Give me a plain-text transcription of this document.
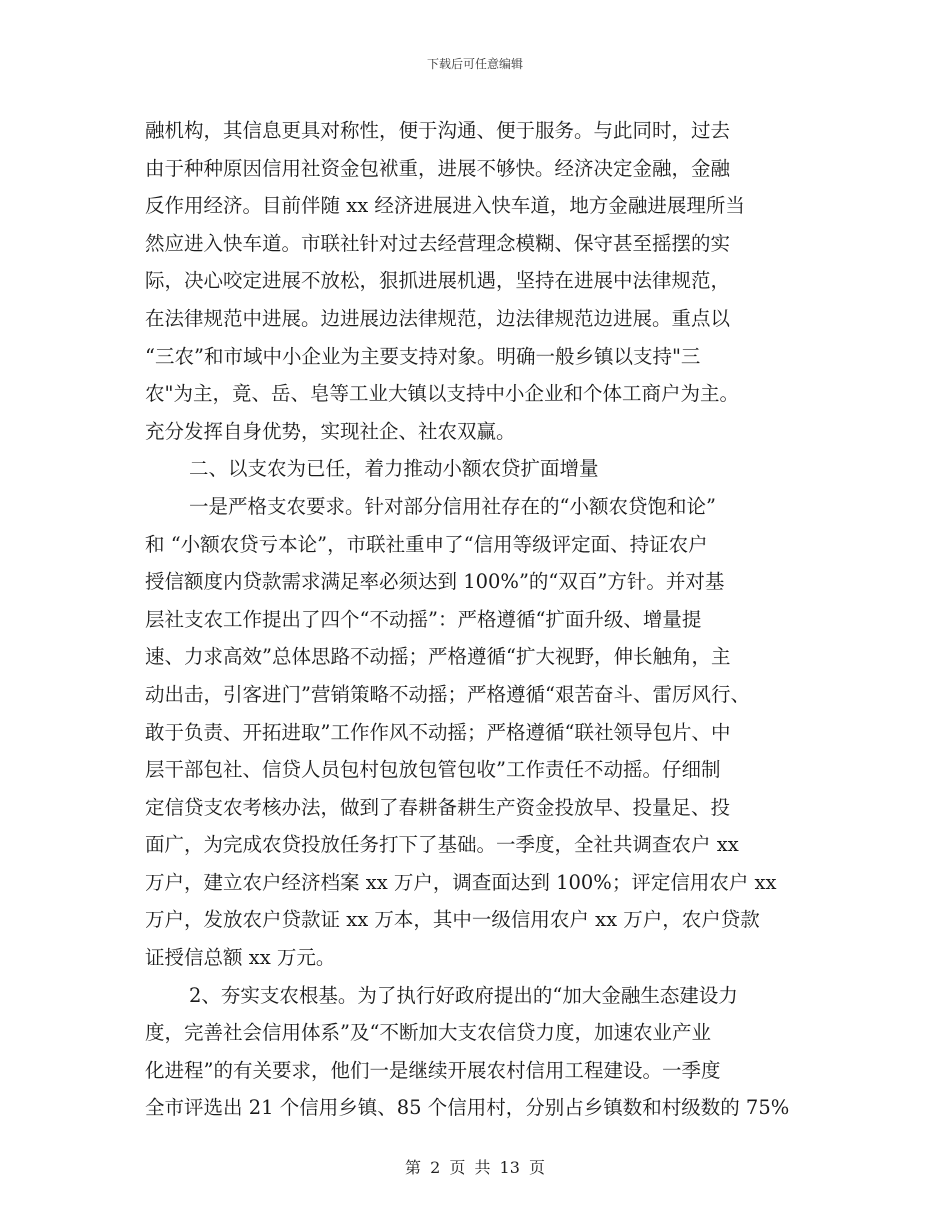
下载后可任意编辑
融机构，其信息更具对称性，便于沟通、便于服务。与此同时，过去
由于种种原因信用社资金包袱重，进展不够快。经济决定金融，金融
反作用经济。目前伴随 xx 经济进展进入快车道，地方金融进展理所当
然应进入快车道。市联社针对过去经营理念模糊、保守甚至摇摆的实
际，决心咬定进展不放松，狠抓进展机遇，坚持在进展中法律规范，
在法律规范中进展。边进展边法律规范，边法律规范边进展。重点以
“三农”和市域中小企业为主要支持对象。明确一般乡镇以支持"三
农"为主，竟、岳、皂等工业大镇以支持中小企业和个体工商户为主。
充分发挥自身优势，实现社企、社农双赢。
二、以支农为已任，着力推动小额农贷扩面增量
一是严格支农要求。针对部分信用社存在的“小额农贷饱和论”
和 “小额农贷亏本论”，市联社重申了“信用等级评定面、持证农户
授信额度内贷款需求满足率必须达到 100%”的“双百”方针。并对基
层社支农工作提出了四个“不动摇”：严格遵循“扩面升级、增量提
速、力求高效”总体思路不动摇；严格遵循“扩大视野，伸长触角，主
动出击，引客进门”营销策略不动摇；严格遵循“艰苦奋斗、雷厉风行、
敢于负责、开拓进取”工作作风不动摇；严格遵循“联社领导包片、中
层干部包社、信贷人员包村包放包管包收”工作责任不动摇。仔细制
定信贷支农考核办法，做到了春耕备耕生产资金投放早、投量足、投
面广，为完成农贷投放任务打下了基础。一季度，全社共调查农户 xx
万户，建立农户经济档案 xx 万户，调查面达到 100%；评定信用农户 xx
万户，发放农户贷款证 xx 万本，其中一级信用农户 xx 万户，农户贷款
证授信总额 xx 万元。
2、夯实支农根基。为了执行好政府提出的“加大金融生态建设力
度，完善社会信用体系”及“不断加大支农信贷力度，加速农业产业
化进程”的有关要求，他们一是继续开展农村信用工程建设。一季度
全市评选出 21 个信用乡镇、85 个信用村，分别占乡镇数和村级数的 75%
第 2 页 共 13 页
